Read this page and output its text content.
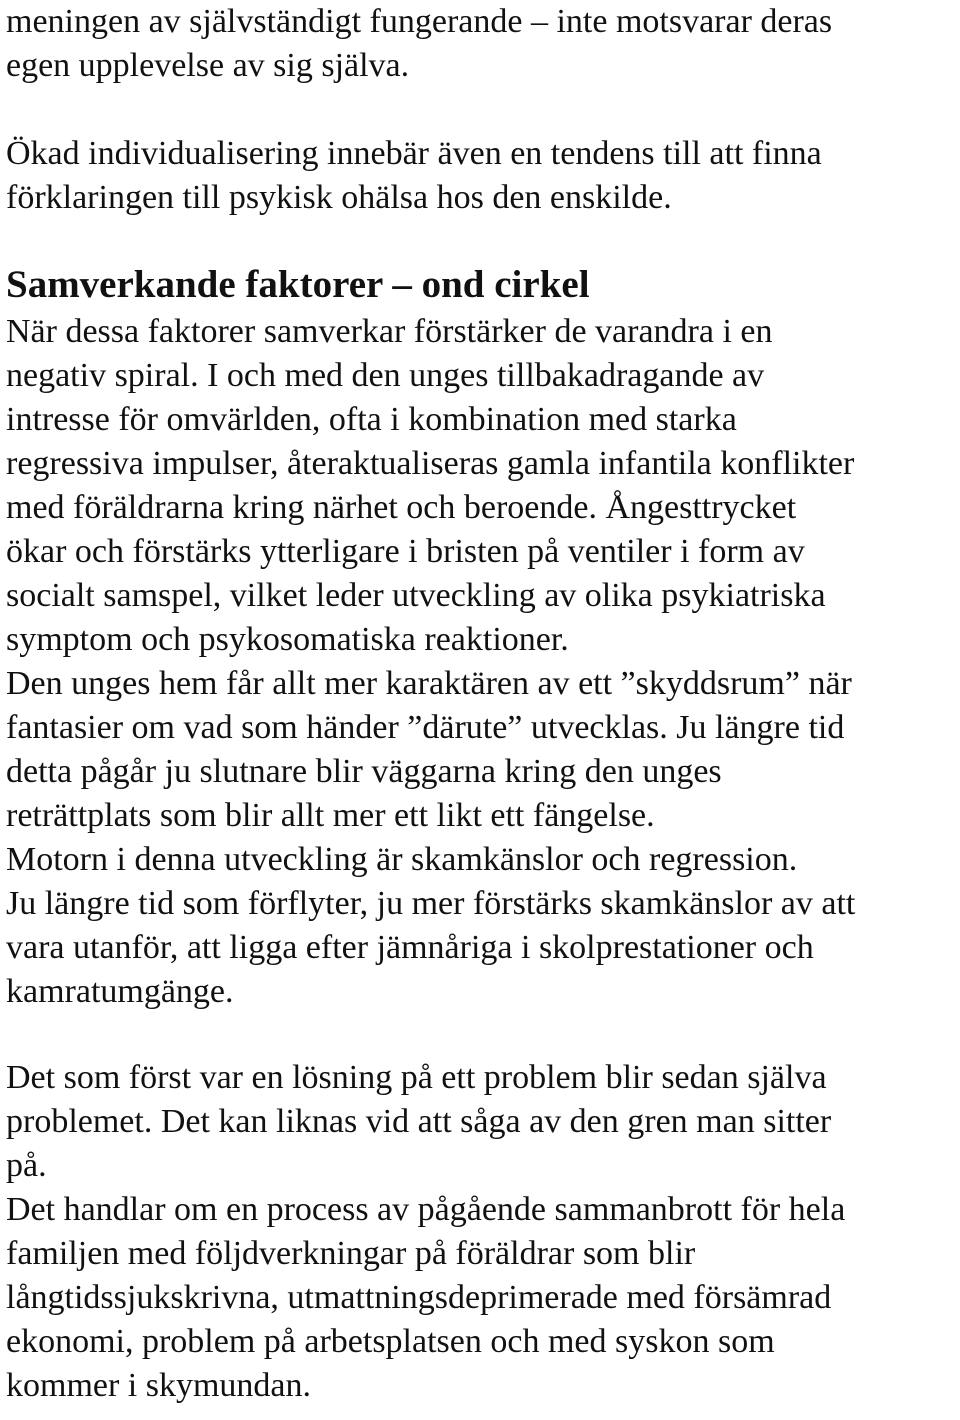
meningen av självständigt fungerande – inte motsvarar deras
egen upplevelse av sig själva.
Ökad individualisering innebär även en tendens till att finna
förklaringen till psykisk ohälsa hos den enskilde.
Samverkande faktorer – ond cirkel
När dessa faktorer samverkar förstärker de varandra i en
negativ spiral. I och med den unges tillbakadragande av
intresse för omvärlden, ofta i kombination med starka
regressiva impulser, återaktualiseras gamla infantila konflikter
med föräldrarna kring närhet och beroende. Ångesttrycket
ökar och förstärks ytterligare i bristen på ventiler i form av
socialt samspel, vilket leder utveckling av olika psykiatriska
symptom och psykosomatiska reaktioner.
Den unges hem får allt mer karaktären av ett ”skyddsrum” när
fantasier om vad som händer ”därute” utvecklas. Ju längre tid
detta pågår ju slutnare blir väggarna kring den unges
reträttplats som blir allt mer ett likt ett fängelse.
Motorn i denna utveckling är skamkänslor och regression.
Ju längre tid som förflyter, ju mer förstärks skamkänslor av att
vara utanför, att ligga efter jämnåriga i skolprestationer och
kamratumgänge.
Det som först var en lösning på ett problem blir sedan själva
problemet. Det kan liknas vid att såga av den gren man sitter
på.
Det handlar om en process av pågående sammanbrott för hela
familjen med följdverkningar på föräldrar som blir
långtidssjukskrivna, utmattningsdeprimerade med försämrad
ekonomi, problem på arbetsplatsen och med syskon som
kommer i skymundan.
